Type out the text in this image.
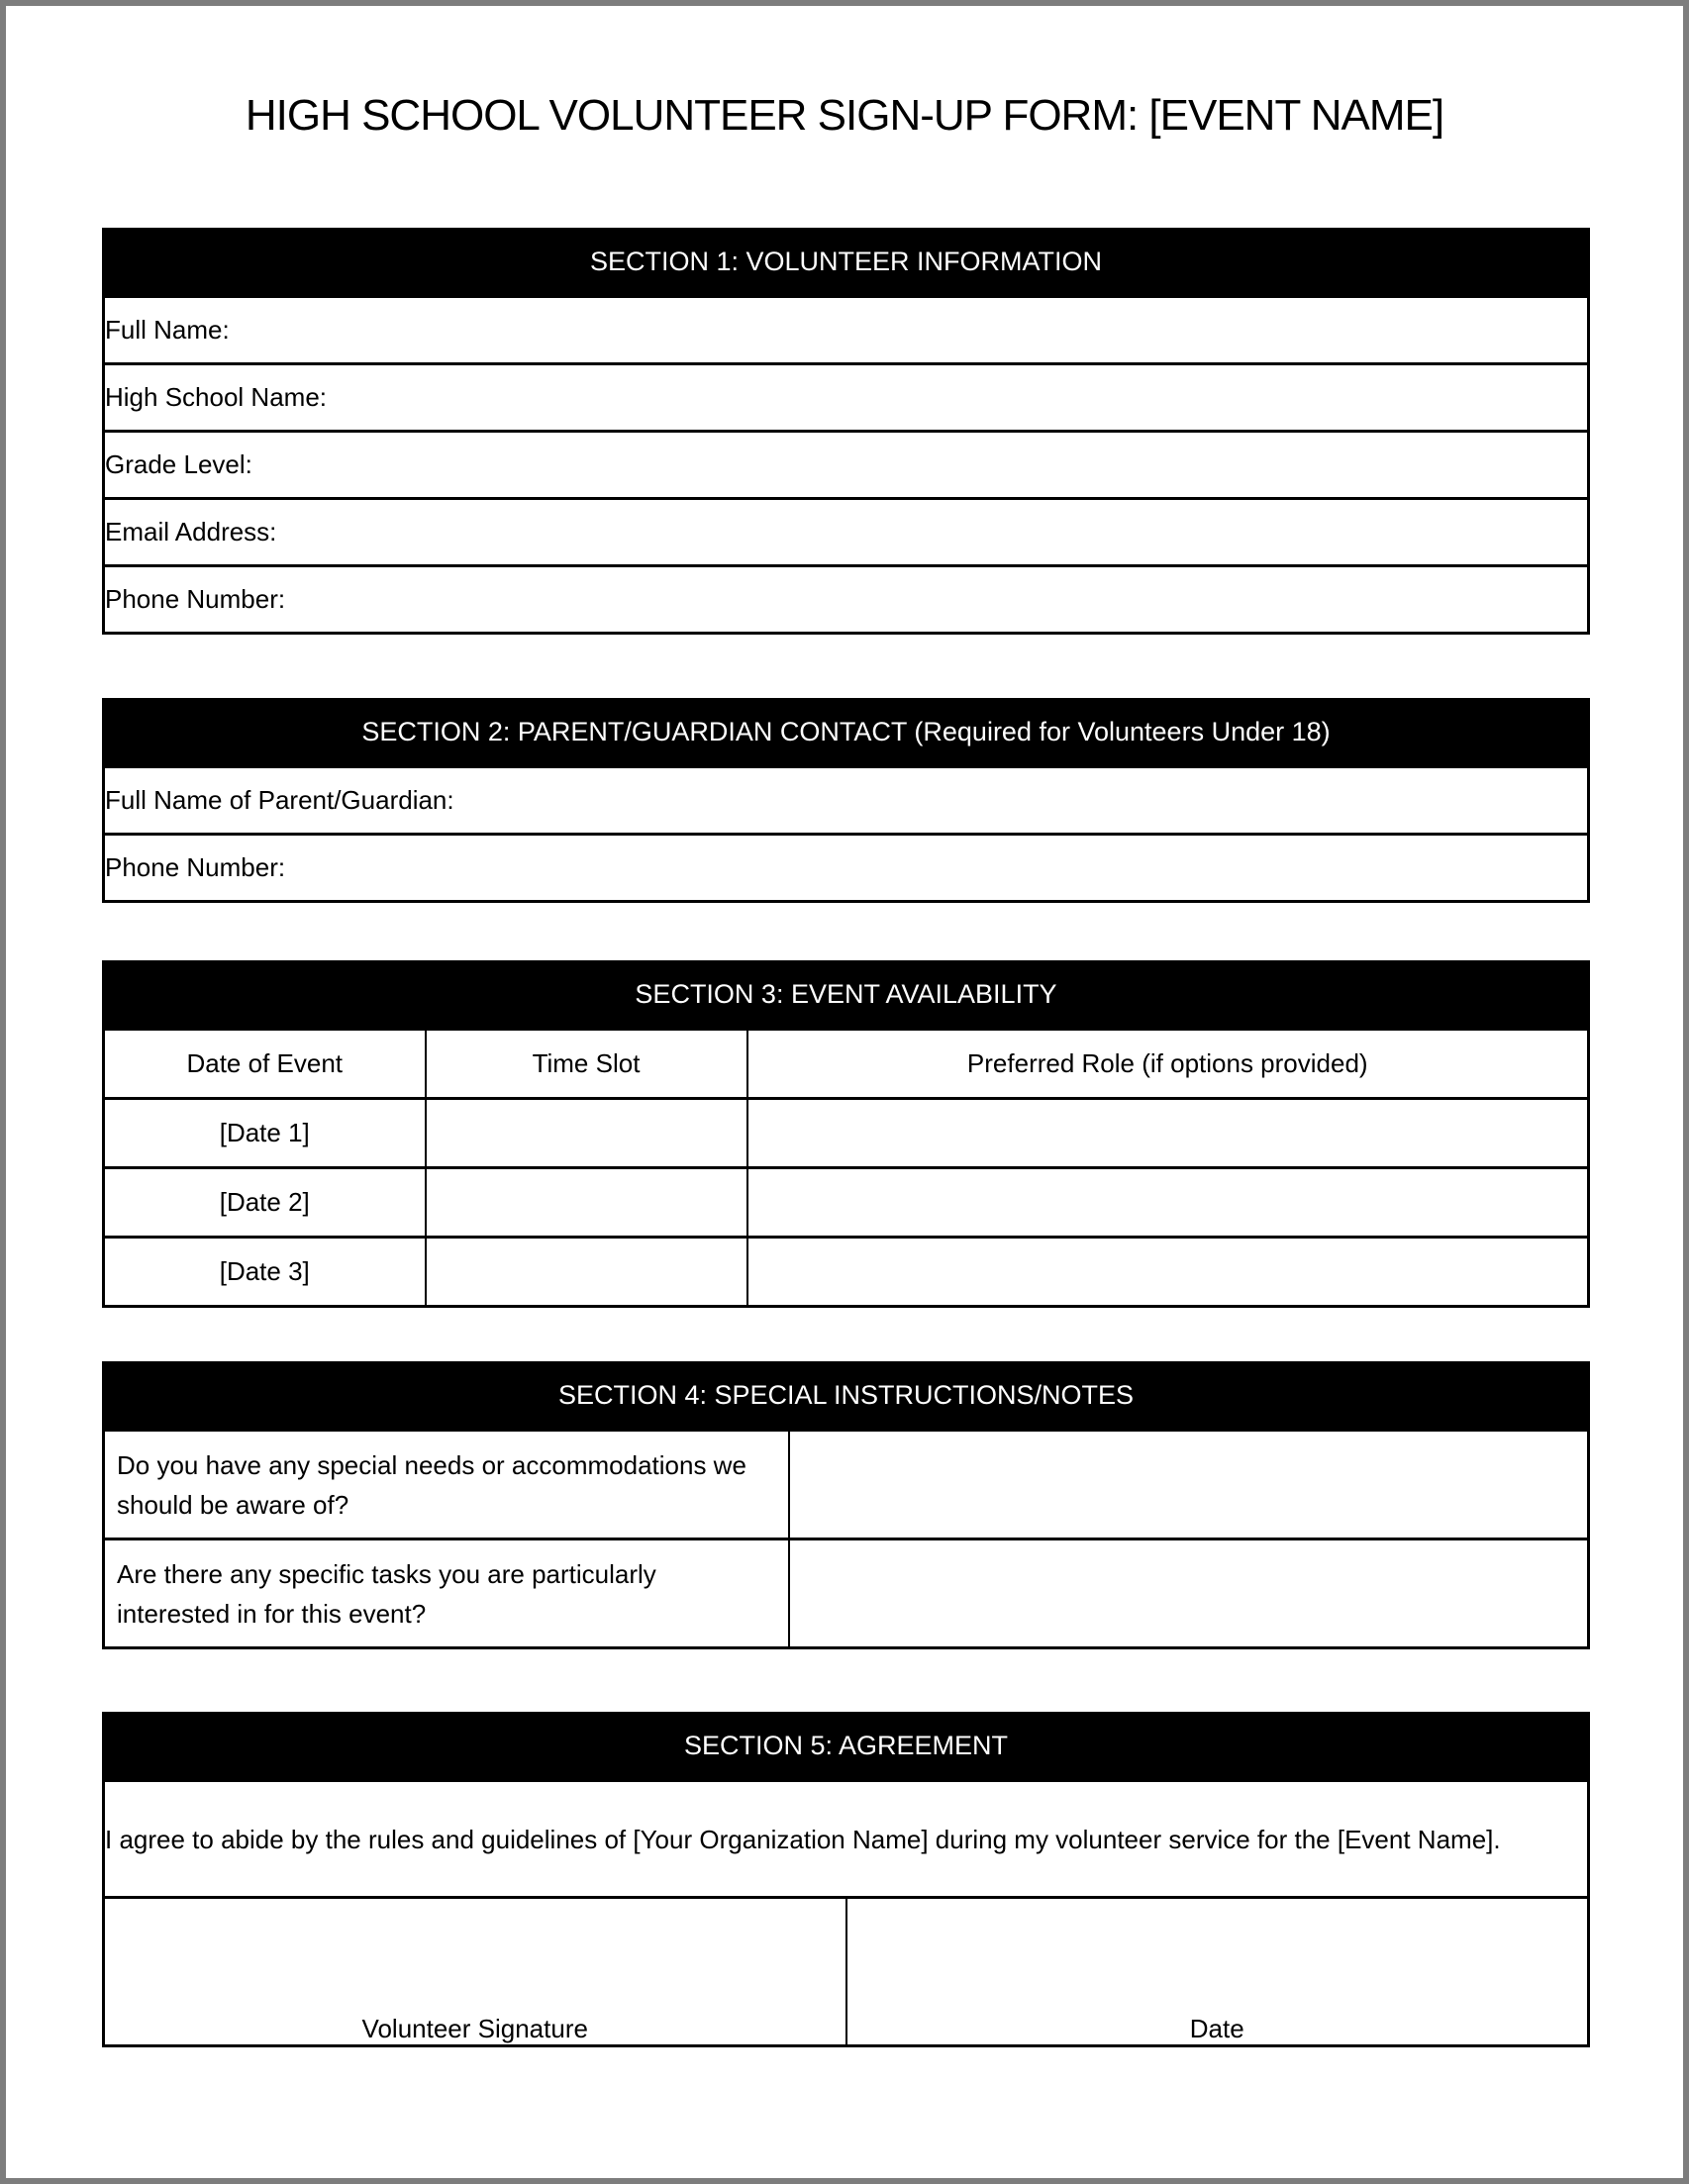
HIGH SCHOOL VOLUNTEER SIGN-UP FORM: [EVENT NAME]
SECTION 1: VOLUNTEER INFORMATION
Full Name:
High School Name:
Grade Level:
Email Address:
Phone Number:
SECTION 2: PARENT/GUARDIAN CONTACT (Required for Volunteers Under 18)
Full Name of Parent/Guardian:
Phone Number:
SECTION 3: EVENT AVAILABILITY
Date of Event	Time Slot	Preferred Role (if options provided)
[Date 1]		
[Date 2]		
[Date 3]		
SECTION 4: SPECIAL INSTRUCTIONS/NOTES
Do you have any special needs or accommodations we should be aware of?	
Are there any specific tasks you are particularly interested in for this event?	
SECTION 5: AGREEMENT
I agree to abide by the rules and guidelines of [Your Organization Name] during my volunteer service for the [Event Name].
Volunteer Signature	Date
